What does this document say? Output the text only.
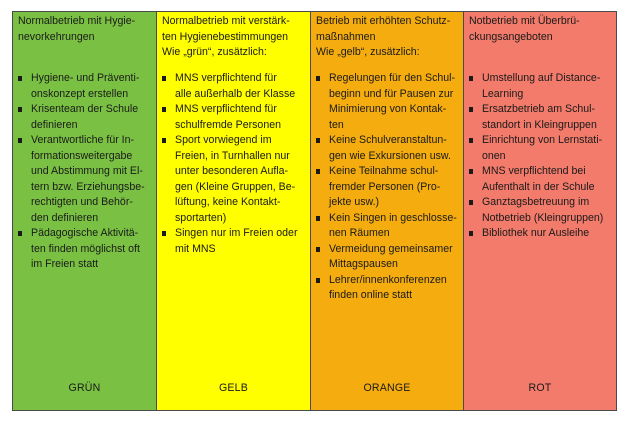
Normalbetrieb mit Hygie-
nevorkehrungen
Hygiene- und Präventi-
onskonzept erstellen
Krisenteam der Schule
definieren
Verantwortliche für In-
formationsweitergabe
und Abstimmung mit El-
tern bzw. Erziehungsbe-
rechtigten und Behör-
den definieren
Pädagogische Aktivitä-
ten finden möglichst oft
im Freien statt
GRÜN
Normalbetrieb mit verstärk-
ten Hygienebestimmungen
Wie „grün“, zusätzlich:
MNS verpflichtend für
alle außerhalb der Klasse
MNS verpflichtend für
schulfremde Personen
Sport vorwiegend im
Freien, in Turnhallen nur
unter besonderen Aufla-
gen (Kleine Gruppen, Be-
lüftung, keine Kontakt-
sportarten)
Singen nur im Freien oder
mit MNS
GELB
Betrieb mit erhöhten Schutz-
maßnahmen
Wie „gelb“, zusätzlich:
Regelungen für den Schul-
beginn und für Pausen zur
Minimierung von Kontak-
ten
Keine Schulveranstaltun-
gen wie Exkursionen usw.
Keine Teilnahme schul-
fremder Personen (Pro-
jekte usw.)
Kein Singen in geschlosse-
nen Räumen
Vermeidung gemeinsamer
Mittagspausen
Lehrer/innenkonferenzen
finden online statt
ORANGE
Notbetrieb mit Überbrü-
ckungsangeboten
Umstellung auf Distance-
Learning
Ersatzbetrieb am Schul-
standort in Kleingruppen
Einrichtung von Lernstati-
onen
MNS verpflichtend bei
Aufenthalt in der Schule
Ganztagsbetreuung im
Notbetrieb (Kleingruppen)
Bibliothek nur Ausleihe
ROT
